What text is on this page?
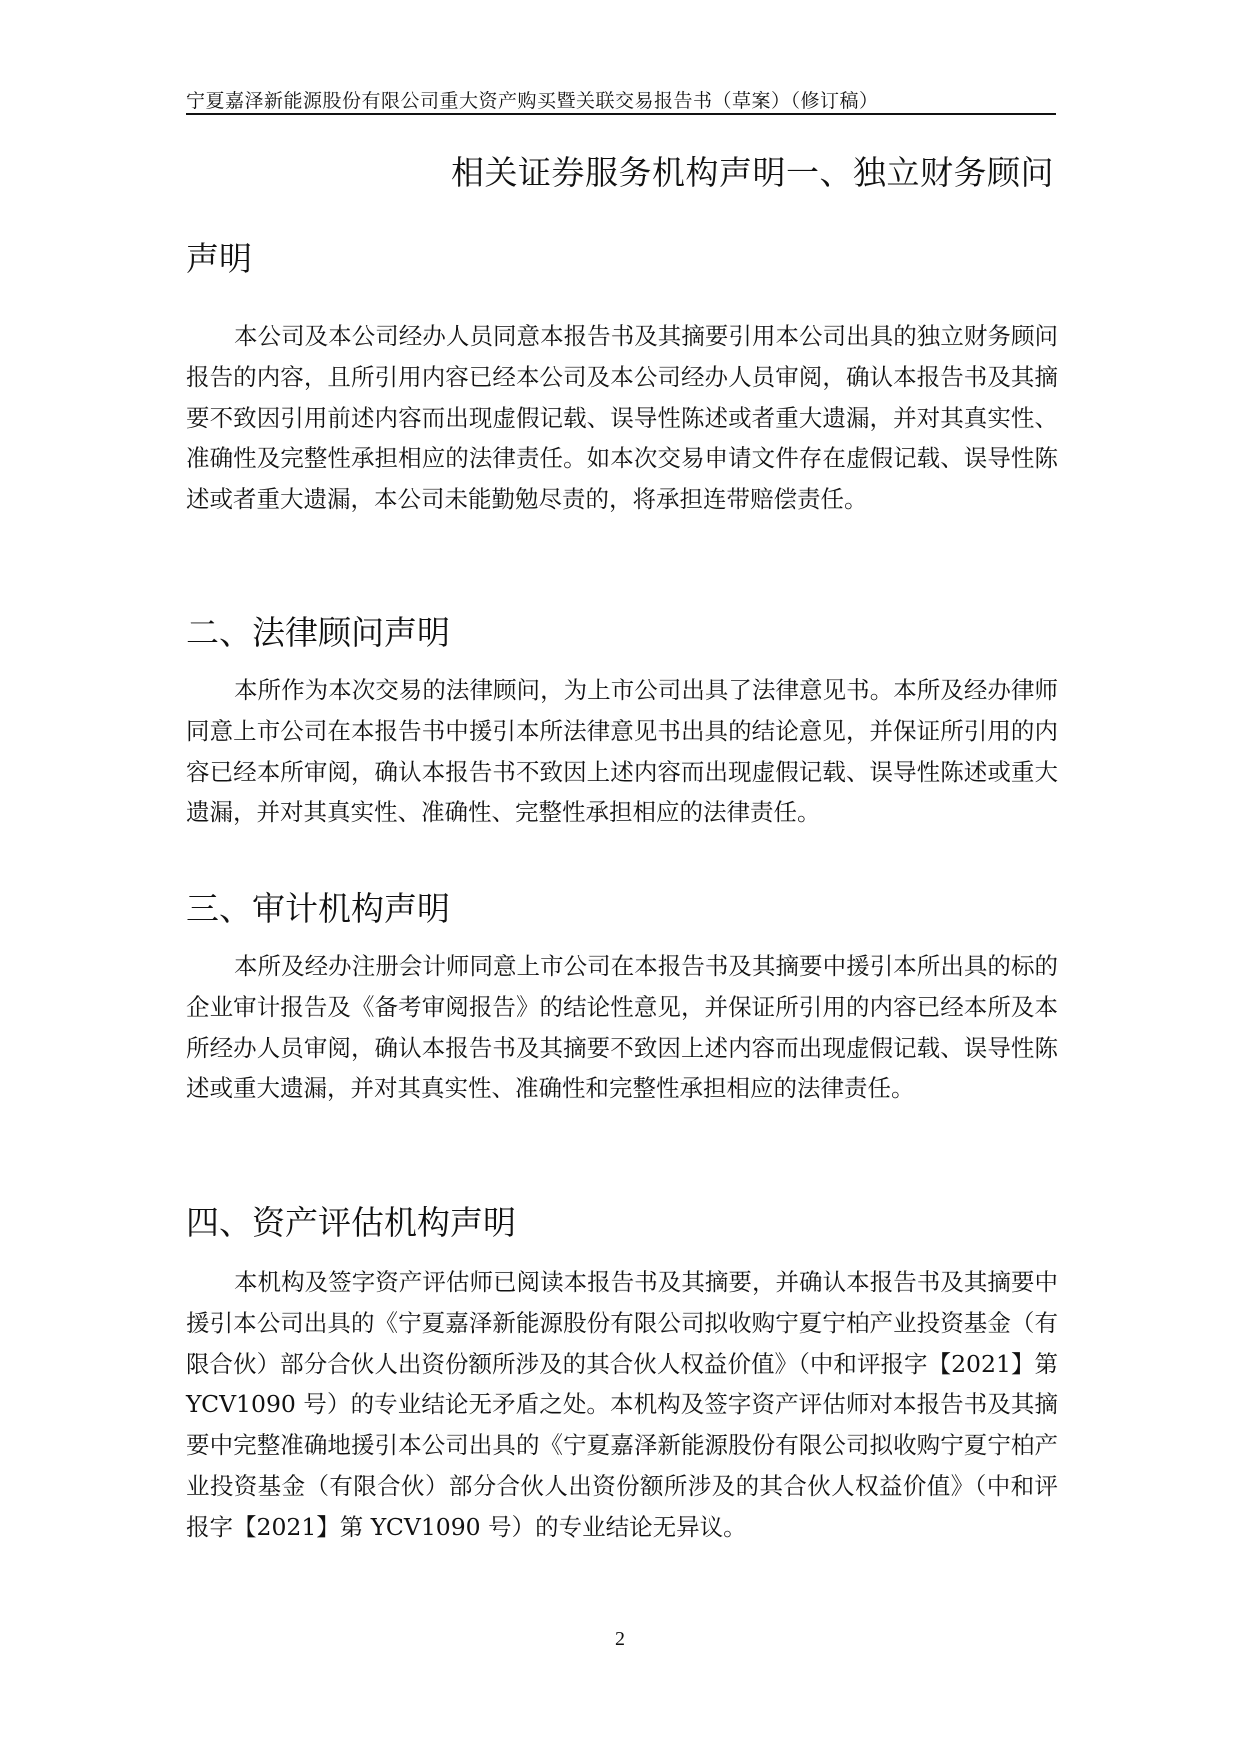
宁夏嘉泽新能源股份有限公司重大资产购买暨关联交易报告书（草案）（修订稿）
相关证券服务机构声明一、独立财务顾问
声明

本公司及本公司经办人员同意本报告书及其摘要引用本公司出具的独立财务顾问报告的内容，且所引用内容已经本公司及本公司经办人员审阅，确认本报告书及其摘要不致因引用前述内容而出现虚假记载、误导性陈述或者重大遗漏，并对其真实性、准确性及完整性承担相应的法律责任。如本次交易申请文件存在虚假记载、误导性陈述或者重大遗漏，本公司未能勤勉尽责的，将承担连带赔偿责任。

二、法律顾问声明

本所作为本次交易的法律顾问，为上市公司出具了法律意见书。本所及经办律师同意上市公司在本报告书中援引本所法律意见书出具的结论意见，并保证所引用的内容已经本所审阅，确认本报告书不致因上述内容而出现虚假记载、误导性陈述或重大遗漏，并对其真实性、准确性、完整性承担相应的法律责任。

三、审计机构声明

本所及经办注册会计师同意上市公司在本报告书及其摘要中援引本所出具的标的企业审计报告及《备考审阅报告》的结论性意见，并保证所引用的内容已经本所及本所经办人员审阅，确认本报告书及其摘要不致因上述内容而出现虚假记载、误导性陈述或重大遗漏，并对其真实性、准确性和完整性承担相应的法律责任。

四、资产评估机构声明

本机构及签字资产评估师已阅读本报告书及其摘要，并确认本报告书及其摘要中援引本公司出具的《宁夏嘉泽新能源股份有限公司拟收购宁夏宁柏产业投资基金（有限合伙）部分合伙人出资份额所涉及的其合伙人权益价值》（中和评报字【2021】第 YCV1090 号）的专业结论无矛盾之处。本机构及签字资产评估师对本报告书及其摘要中完整准确地援引本公司出具的《宁夏嘉泽新能源股份有限公司拟收购宁夏宁柏产业投资基金（有限合伙）部分合伙人出资份额所涉及的其合伙人权益价值》（中和评报字【2021】第 YCV1090 号）的专业结论无异议。

2
